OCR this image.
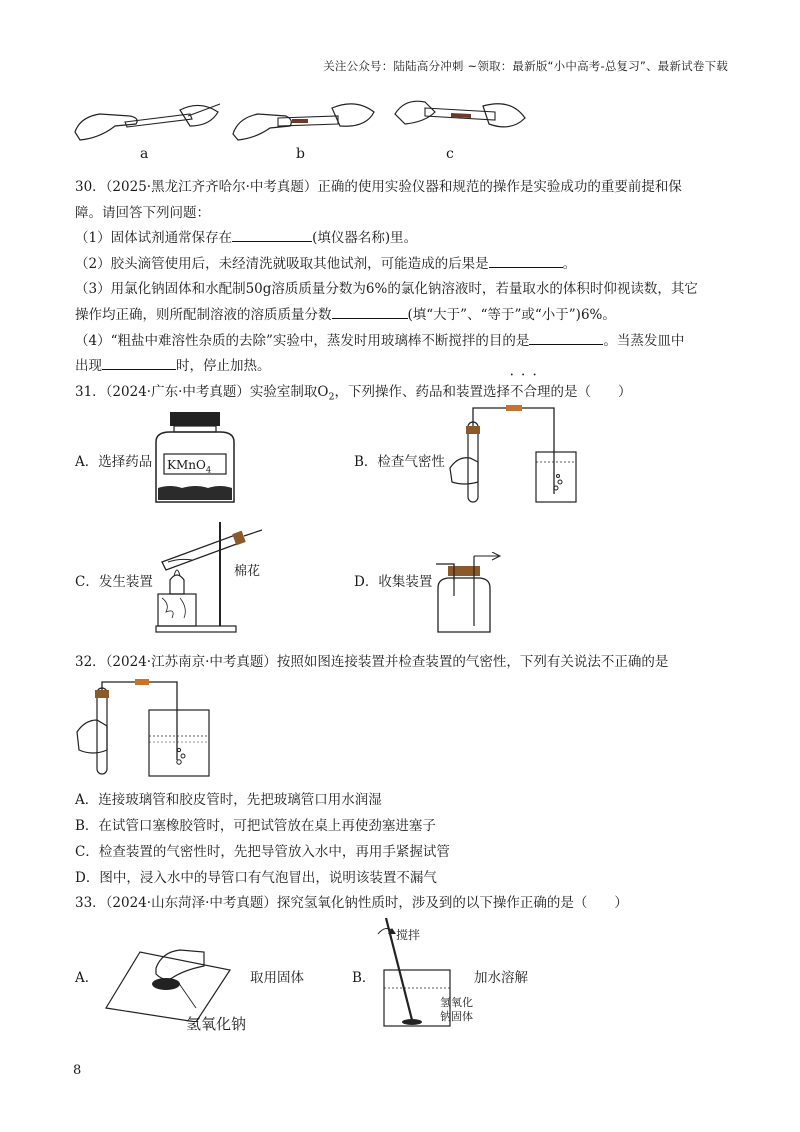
关注公众号：陆陆高分冲刺 ~领取：最新版“小中高考-总复习”、最新试卷下载
a	b	c
30．（2025·黑龙江齐齐哈尔·中考真题）正确的使用实验仪器和规范的操作是实验成功的重要前提和保
障。请回答下列问题：
（1）固体试剂通常保存在	(填仪器名称)里。
（2）胶头滴管使用后，未经清洗就吸取其他试剂，可能造成的后果是	。
（3）用氯化钠固体和水配制50g溶质质量分数为6%的氯化钠溶液时，若量取水的体积时仰视读数，其它
操作均正确，则所配制溶液的溶质质量分数	(填“大于”、“等于”或“小于”)6%。
（4）“粗盐中难溶性杂质的去除”实验中，蒸发时用玻璃棒不断搅拌的目的是	。当蒸发皿中
出现	时，停止加热。
31．（2024·广东·中考真题）实验室制取$O_2$，下列操作、药品和装置选择不合理 • • •的是（　　）
A．选择药品 KMnO$_4$	B．检查气密性
C．发生装置
棉花
D．收集装置
32．（2024·江苏南京·中考真题）按照如图连接装置并检查装置的气密性，下列有关说法不正确的是
A．连接玻璃管和胶皮管时，先把玻璃管口用水润湿
B．在试管口塞橡胶管时，可把试管放在桌上再使劲塞进塞子
C．检查装置的气密性时，先把导管放入水中，再用手紧握试管
D．图中，浸入水中的导管口有气泡冒出，说明该装置不漏气
33．（2024·山东菏泽·中考真题）探究氢氧化钠性质时，涉及到的以下操作正确的是（　　）
A．
氢氧化钠
取用固体	B．
搅拌
氢氧化
钠固体
加水溶解
8
